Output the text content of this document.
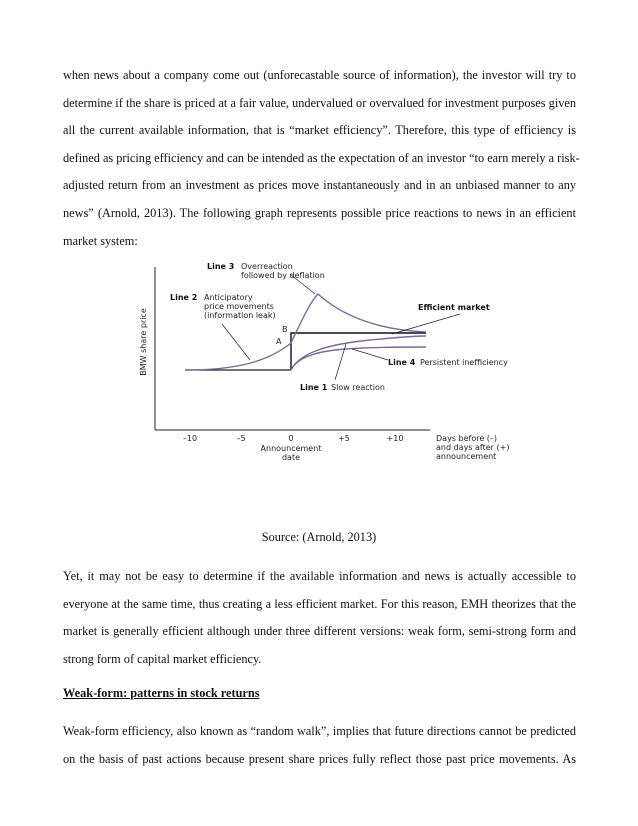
when news about a company come out (unforecastable source of information), the investor will try to
determine if the share is priced at a fair value, undervalued or overvalued for investment purposes given
all the current available information, that is “market efficiency”. Therefore, this type of efficiency is
defined as pricing efficiency and can be intended as the expectation of an investor “to earn merely a risk-
adjusted return from an investment as prices move instantaneously and in an unbiased manner to any
news” (Arnold, 2013). The following graph represents possible price reactions to news in an efficient
market system:

BMW share price
–10	–5	0	+5	+10
Announcement
date
Days before (–)
and days after (+)
announcement
B
A
Line 3 Overreaction
followed by deflation
Line 2 Anticipatory
price movements
(information leak)
Efficient market
Line 4 Persistent inefficiency
Line 1 Slow reaction
Source: (Arnold, 2013)

Yet, it may not be easy to determine if the available information and news is actually accessible to
everyone at the same time, thus creating a less efficient market. For this reason, EMH theorizes that the
market is generally efficient although under three different versions: weak form, semi-strong form and
strong form of capital market efficiency.

Weak-form: patterns in stock returns

Weak-form efficiency, also known as “random walk”, implies that future directions cannot be predicted
on the basis of past actions because present share prices fully reflect those past price movements. As
